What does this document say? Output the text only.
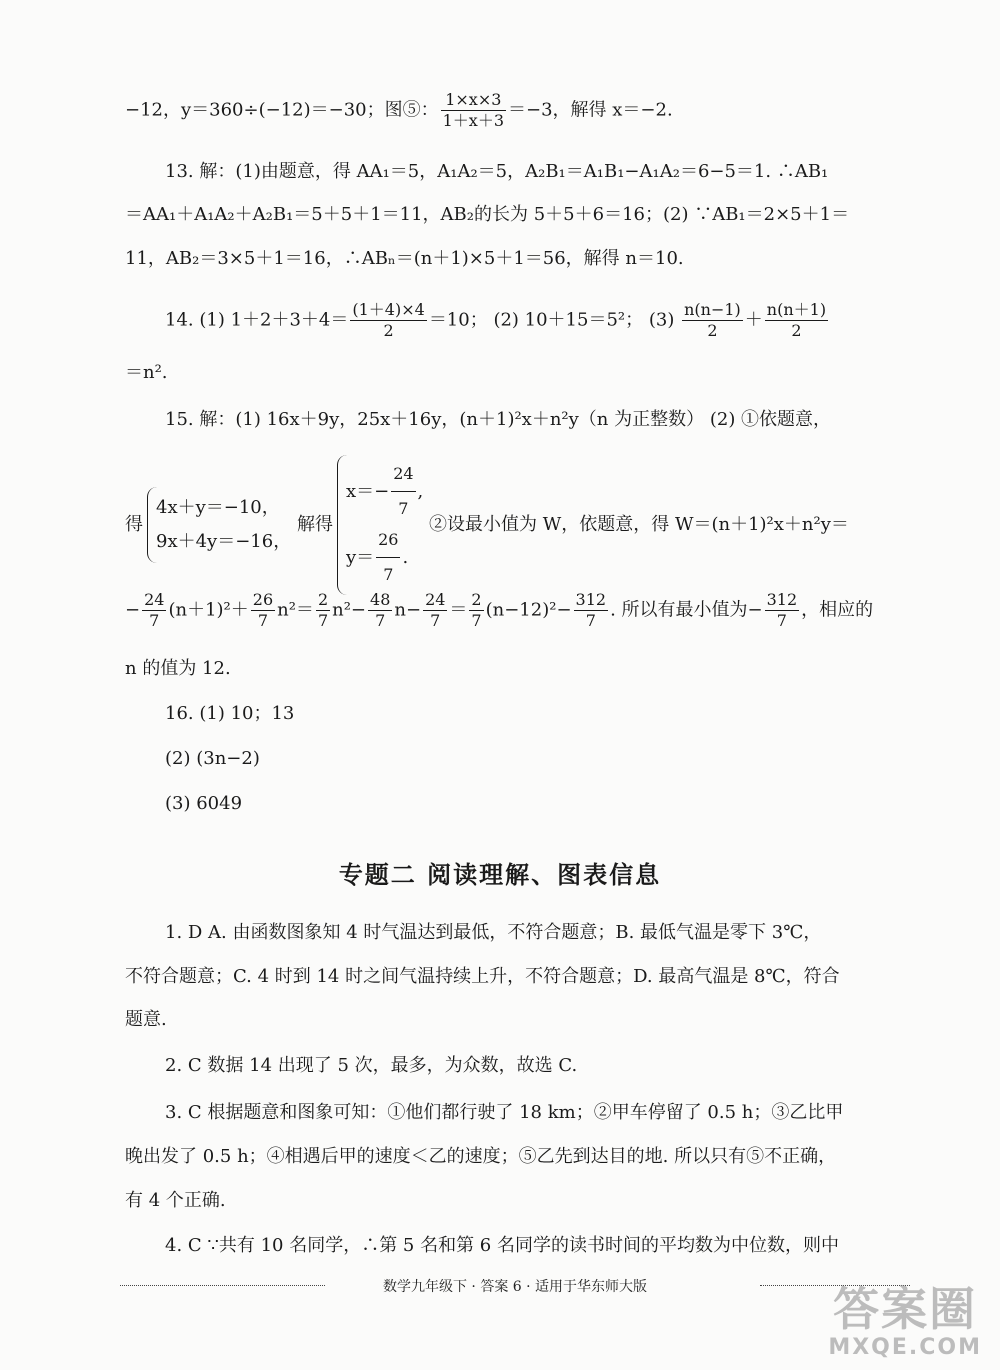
−12，y＝360÷(−12)＝−30；图⑤： $\frac{1\times x\times 3}{1+x+3} =-3$，解得 x＝−2.
13. 解：(1)由题意，得 AA₁＝5，A₁A₂＝5，A₂B₁＝A₁B₁−A₁A₂＝6−5＝1. ∴AB₁
＝AA₁＋A₁A₂＋A₂B₁＝5＋5＋1＝11，AB₂的长为 5＋5＋6＝16；(2) ∵AB₁＝2×5＋1＝
11，AB₂＝3×5＋1＝16，∴ABₙ＝(n＋1)×5＋1＝56，解得 n＝10.
14. (1) $1+2+3+4= \frac{(1+4)\times 4}{2} =10$； (2) 10＋15＝5²； $(3) \frac{n(n-1)}{2} + \frac{n(n+1)}{2}$
＝n².
15. 解：(1) 16x＋9y，25x＋16y，(n＋1)²x＋n²y（n 为正整数） (2) ①依题意，
得
4x＋y＝−10，
9x＋4y＝−16，
解得
$x=- \frac{24}{7}$ ,
$y= \frac{26}{7}$ .
②设最小值为 W，依题意，得 W＝(n＋1)²x＋n²y＝
− $\frac{24}{7} (n+1)^2+ \frac{26}{7} n^2= \frac{2}{7} n^2- \frac{48}{7} n- \frac{24}{7} = \frac{2}{7} (n-12)^2- \frac{312}{7}$ . 所以有最小值为− $\frac{312}{7}$ ，相应的
n 的值为 12.
16. (1) 10；13
(2) (3n−2)
(3) 6049
专题二 阅读理解、图表信息
1. D A. 由函数图象知 4 时气温达到最低，不符合题意；B. 最低气温是零下 3℃，
不符合题意；C. 4 时到 14 时之间气温持续上升，不符合题意；D. 最高气温是 8℃，符合
题意.
2. C 数据 14 出现了 5 次，最多，为众数，故选 C.
3. C 根据题意和图象可知：①他们都行驶了 18 km；②甲车停留了 0.5 h；③乙比甲
晚出发了 0.5 h；④相遇后甲的速度＜乙的速度；⑤乙先到达目的地. 所以只有⑤不正确，
有 4 个正确.
4. C ∵共有 10 名同学，∴第 5 名和第 6 名同学的读书时间的平均数为中位数，则中
数学九年级下 · 答案 6 · 适用于华东师大版	答案圈
MXQE.COM
